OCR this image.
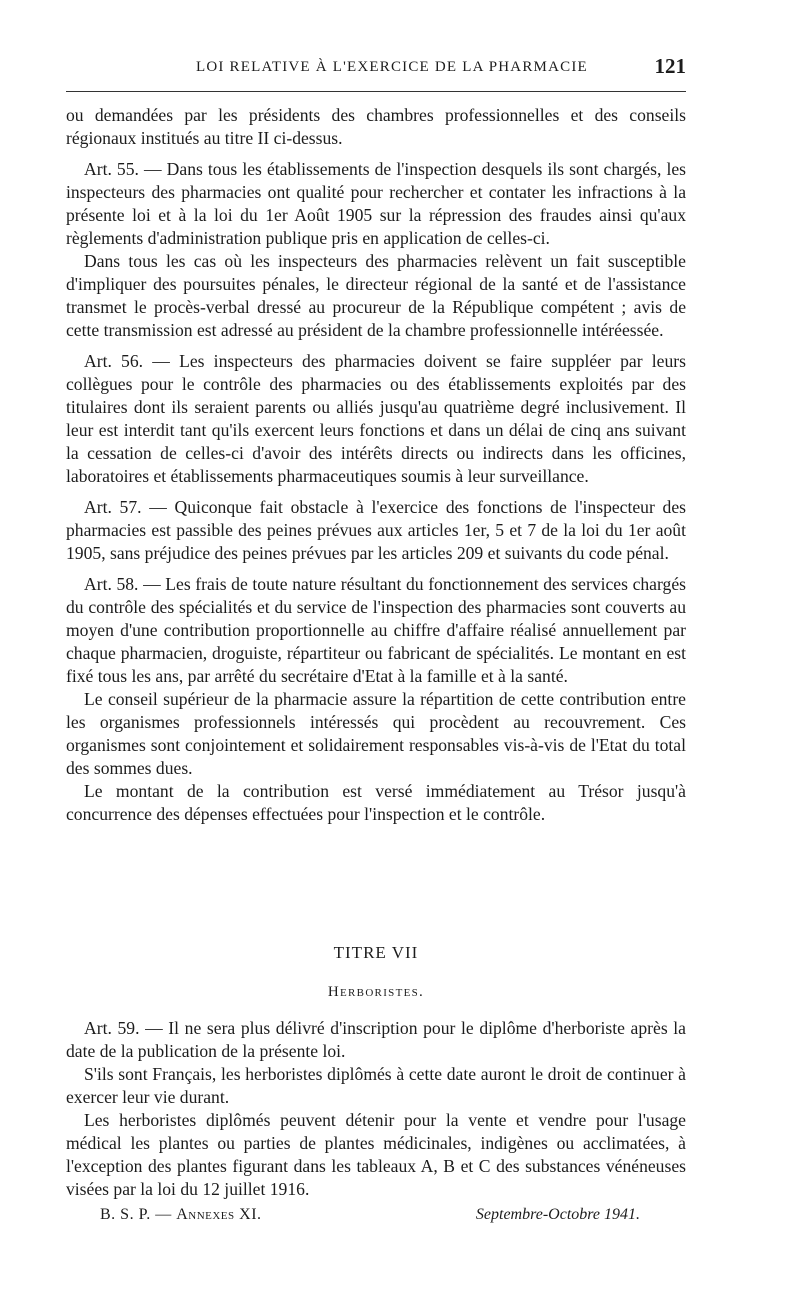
LOI RELATIVE À L'EXERCICE DE LA PHARMACIE	121

ou demandées par les présidents des chambres professionnelles et des conseils régionaux institués au titre II ci-dessus.

Art. 55. — Dans tous les établissements de l'inspection desquels ils sont chargés, les inspecteurs des pharmacies ont qualité pour rechercher et contater les infractions à la présente loi et à la loi du 1er Août 1905 sur la répression des fraudes ainsi qu'aux règlements d'administration publique pris en application de celles-ci.

Dans tous les cas où les inspecteurs des pharmacies relèvent un fait susceptible d'impliquer des poursuites pénales, le directeur régional de la santé et de l'assistance transmet le procès-verbal dressé au procureur de la République compétent ; avis de cette transmission est adressé au président de la chambre professionnelle intéréessée.

Art. 56. — Les inspecteurs des pharmacies doivent se faire suppléer par leurs collègues pour le contrôle des pharmacies ou des établissements exploités par des titulaires dont ils seraient parents ou alliés jusqu'au quatrième degré inclusivement. Il leur est interdit tant qu'ils exercent leurs fonctions et dans un délai de cinq ans suivant la cessation de celles-ci d'avoir des intérêts directs ou indirects dans les officines, laboratoires et établissements pharmaceutiques soumis à leur surveillance.

Art. 57. — Quiconque fait obstacle à l'exercice des fonctions de l'inspecteur des pharmacies est passible des peines prévues aux articles 1er, 5 et 7 de la loi du 1er août 1905, sans préjudice des peines prévues par les articles 209 et suivants du code pénal.

Art. 58. — Les frais de toute nature résultant du fonctionnement des services chargés du contrôle des spécialités et du service de l'inspection des pharmacies sont couverts au moyen d'une contribution proportionnelle au chiffre d'affaire réalisé annuellement par chaque pharmacien, droguiste, répartiteur ou fabricant de spécialités. Le montant en est fixé tous les ans, par arrêté du secrétaire d'Etat à la famille et à la santé.

Le conseil supérieur de la pharmacie assure la répartition de cette contribution entre les organismes professionnels intéressés qui procèdent au recouvrement. Ces organismes sont conjointement et solidairement responsables vis-à-vis de l'Etat du total des sommes dues.

Le montant de la contribution est versé immédiatement au Trésor jusqu'à concurrence des dépenses effectuées pour l'inspection et le contrôle.

TITRE VII
Herboristes.

Art. 59. — Il ne sera plus délivré d'inscription pour le diplôme d'herboriste après la date de la publication de la présente loi.

S'ils sont Français, les herboristes diplômés à cette date auront le droit de continuer à exercer leur vie durant.

Les herboristes diplômés peuvent détenir pour la vente et vendre pour l'usage médical les plantes ou parties de plantes médicinales, indigènes ou acclimatées, à l'exception des plantes figurant dans les tableaux A, B et C des substances vénéneuses visées par la loi du 12 juillet 1916.

B. S. P. — Annexes XI.	Septembre-Octobre 1941.
